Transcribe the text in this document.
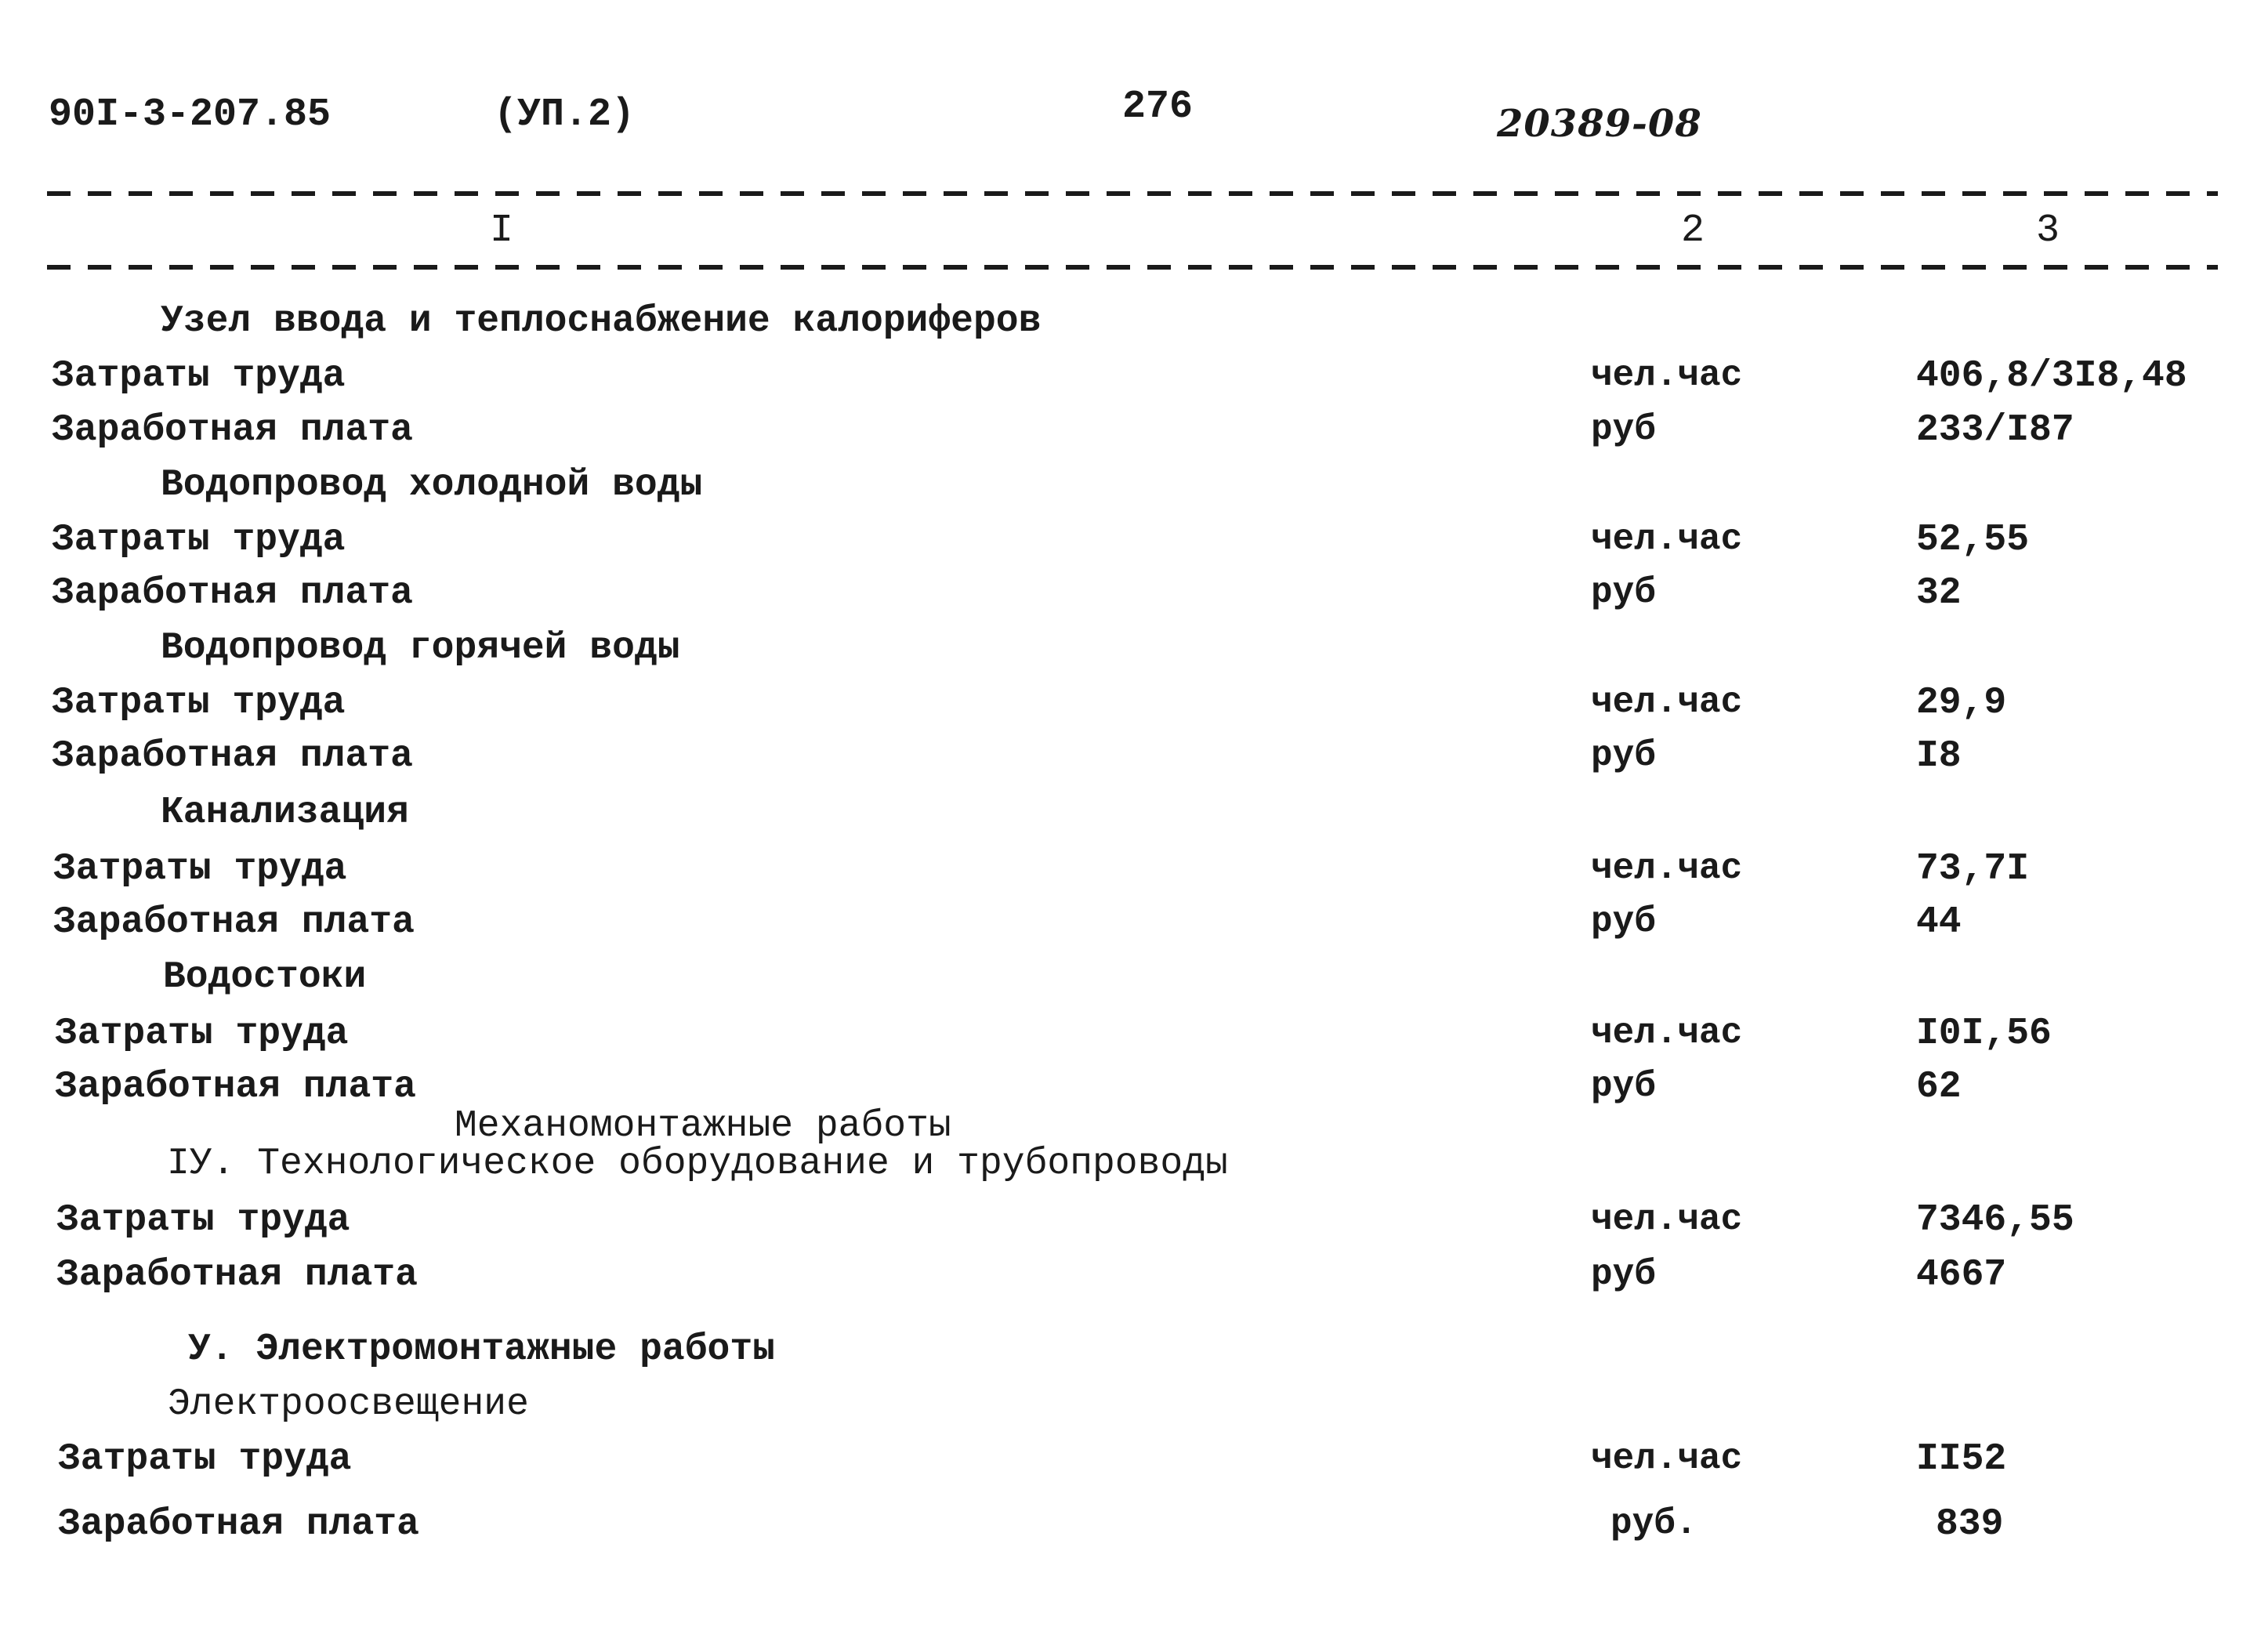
90I-3-207.85	(УП.2)	276	20389-08
I	2	3
Узел ввода и теплоснабжение калориферов
Затраты труда	чел.час	406,8/3I8,48
Заработная плата	руб	233/I87
Водопровод холодной воды
Затраты труда	чел.час	52,55
Заработная плата	руб	32
Водопровод горячей воды
Затраты труда	чел.час	29,9
Заработная плата	руб	I8
Канализация
Затраты труда	чел.час	73,7I
Заработная плата	руб	44
Водостоки
Затраты труда	чел.час	I0I,56
Заработная плата	руб	62
Механомонтажные работы
IУ. Технологическое оборудование и трубопроводы
Затраты труда	чел.час	7346,55
Заработная плата	руб	4667
У. Электромонтажные работы
Электроосвещение
Затраты труда	чел.час	II52
Заработная плата	руб.	839
